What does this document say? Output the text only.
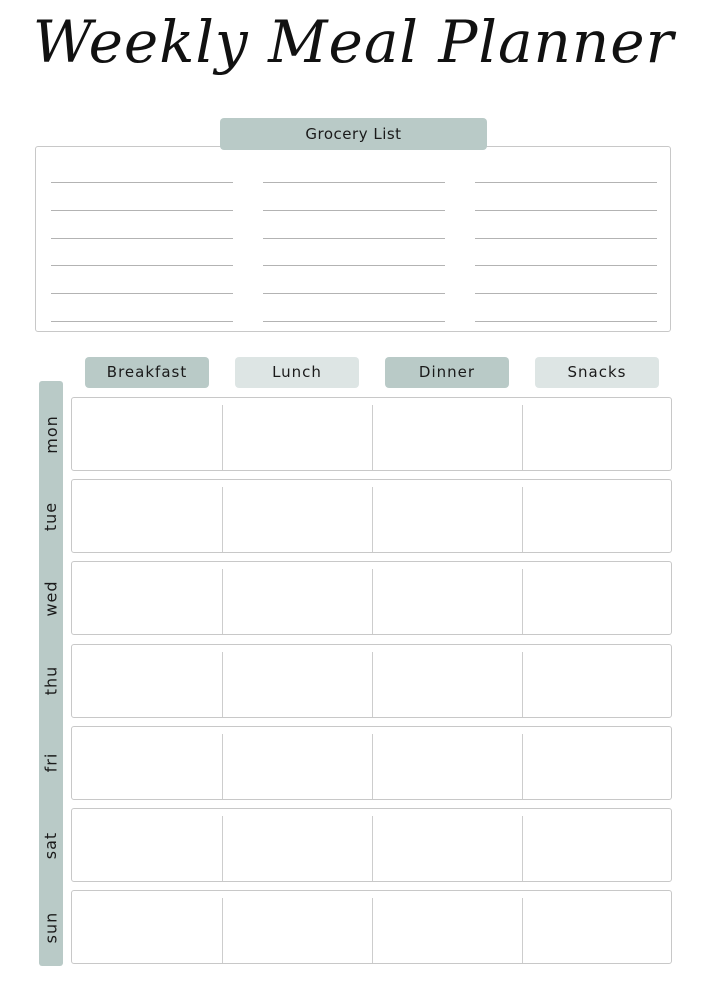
Weekly Meal Planner
Grocery List
Breakfast	Lunch	Dinner	Snacks
mon
tue
wed
thu
fri
sat
sun
